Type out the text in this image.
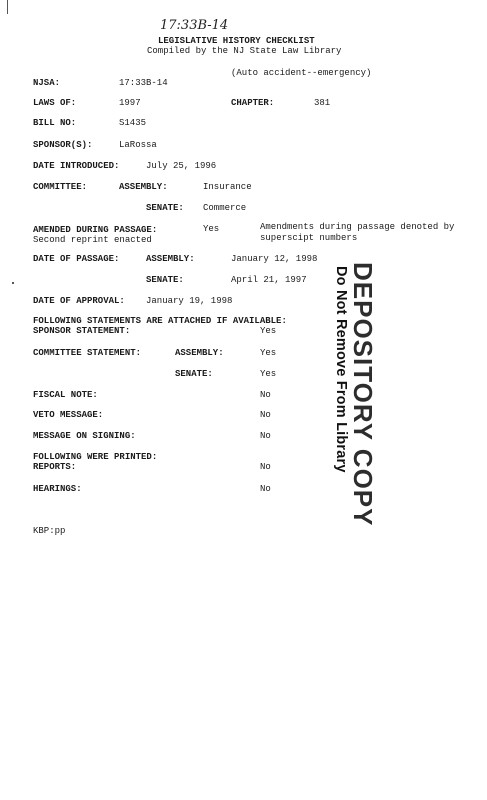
17:33B-14
LEGISLATIVE HISTORY CHECKLIST
Compiled by the NJ State Law Library
(Auto accident--emergency)
NJSA:	17:33B-14
LAWS OF:	1997	CHAPTER:	381
BILL NO:	S1435
SPONSOR(S):	LaRossa
DATE INTRODUCED:	July 25, 1996
COMMITTEE:	ASSEMBLY:	Insurance
SENATE: Commerce
AMENDED DURING PASSAGE:	Yes	Amendments during passage denoted by
superscipt numbers
Second reprint enacted
DATE OF PASSAGE:	ASSEMBLY:	January 12, 1998
SENATE:	April 21, 1997
DATE OF APPROVAL: January 19, 1998
FOLLOWING STATEMENTS ARE ATTACHED IF AVAILABLE:
SPONSOR STATEMENT:	Yes
COMMITTEE STATEMENT:	ASSEMBLY:	Yes
SENATE:	Yes
FISCAL NOTE:	No
VETO MESSAGE:	No
MESSAGE ON SIGNING:	No
FOLLOWING WERE PRINTED:
REPORTS:	No
HEARINGS:	No
KBP:pp
DEPOSITORY COPY
Do Not Remove From Library
